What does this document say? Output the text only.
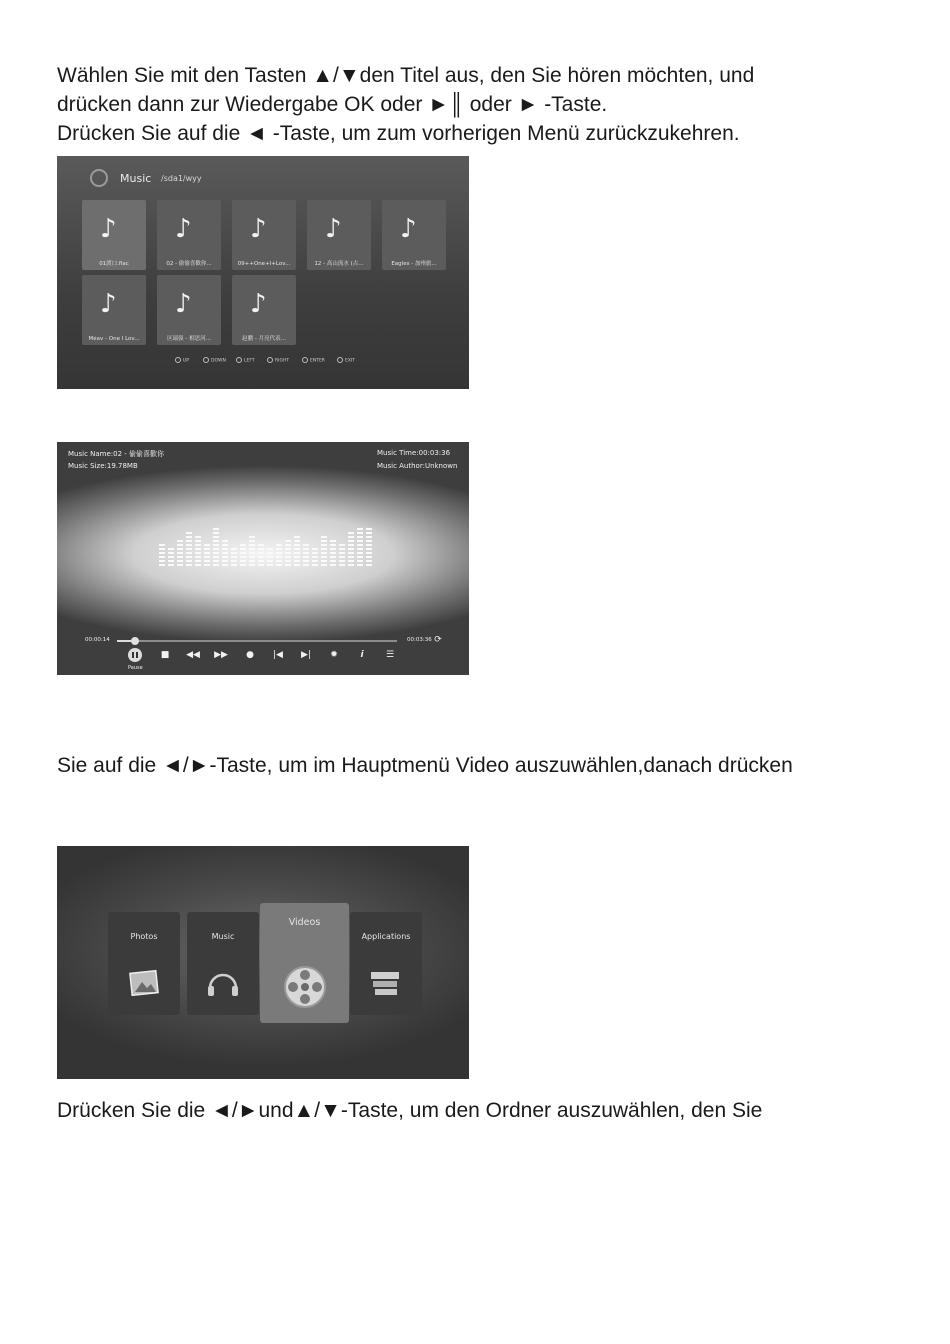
Wählen Sie mit den Tasten ▲/▼den Titel aus, den Sie hören möchten, und

drücken dann zur Wiedergabe OK oder ►║ oder ► -Taste.

Drücken Sie auf die ◄ -Taste, um zum vorherigen Menü zurückzukehren.

Music /sda1/wyy
♪
01渡口.flac
♪
02 - 偷偷喜歡你...
♪
09++One+I+Lov...
♪
12 - 高山流水 (古...
♪
Eagles - 加州旅...
♪
Méav - One I Lov...
♪
区瑞强 - 相思河...
♪
赵鹏 - 月亮代表...
UP	DOWN	LEFT	RIGHT	ENTER	EXIT
Music Name:02 - 偷偷喜歡你
Music Size:19.78MB
Music Time:00:03:36
Music Author:Unknown
00:00:14	00:03:36 ⟳
Pause
■	◀◀ ▶▶	●	|◀ ▶|	✹	i	☰

Sie auf die ◄/►-Taste, um im Hauptmenü Video auszuwählen,danach drücken

Photos	Music
Videos
Applications

Drücken Sie die ◄/►und▲/▼-Taste, um den Ordner auszuwählen, den Sie
